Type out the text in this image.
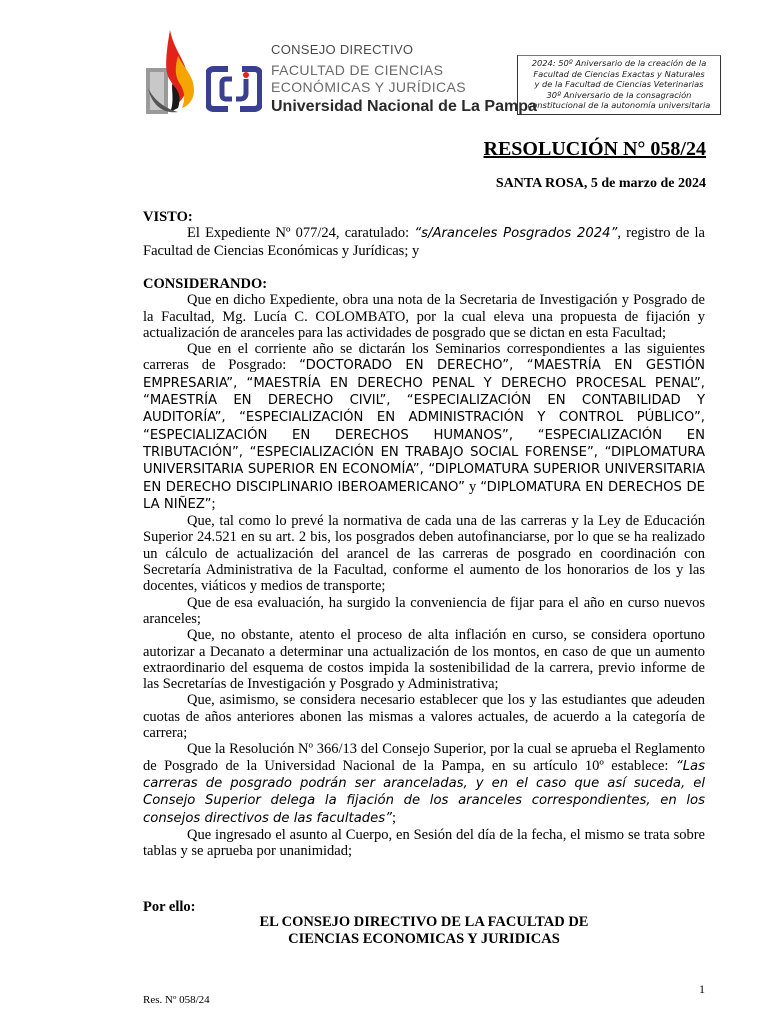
CONSEJO DIRECTIVO
FACULTAD DE CIENCIAS
ECONÓMICAS Y JURÍDICAS
Universidad Nacional de La Pampa
2024: 50º Aniversario de la creación de la
Facultad de Ciencias Exactas y Naturales
y de la Facultad de Ciencias Veterinarias
30º Aniversario de la consagración
constitucional de la autonomía universitaria
RESOLUCIÓN N° 058/24
SANTA ROSA, 5 de marzo de 2024
VISTO:
El Expediente Nº 077/24, caratulado: “s/Aranceles Posgrados 2024”, registro de la Facultad de Ciencias Económicas y Jurídicas; y
CONSIDERANDO:
Que en dicho Expediente, obra una nota de la Secretaria de Investigación y Posgrado de la Facultad, Mg. Lucía C. COLOMBATO, por la cual eleva una propuesta de fijación y actualización de aranceles para las actividades de posgrado que se dictan en esta Facultad;
Que en el corriente año se dictarán los Seminarios correspondientes a las siguientes carreras de Posgrado: “DOCTORADO EN DERECHO”, “MAESTRÍA EN GESTIÓN EMPRESARIA”, “MAESTRÍA EN DERECHO PENAL Y DERECHO PROCESAL PENAL”, “MAESTRÍA EN DERECHO CIVIL”, “ESPECIALIZACIÓN EN CONTABILIDAD Y AUDITORÍA”, “ESPECIALIZACIÓN EN ADMINISTRACIÓN Y CONTROL PÚBLICO”, “ESPECIALIZACIÓN EN DERECHOS HUMANOS”, “ESPECIALIZACIÓN EN TRIBUTACIÓN”, “ESPECIALIZACIÓN EN TRABAJO SOCIAL FORENSE”, “DIPLOMATURA UNIVERSITARIA SUPERIOR EN ECONOMÍA”, “DIPLOMATURA SUPERIOR UNIVERSITARIA EN DERECHO DISCIPLINARIO IBEROAMERICANO” y “DIPLOMATURA EN DERECHOS DE LA NIÑEZ”;
Que, tal como lo prevé la normativa de cada una de las carreras y la Ley de Educación Superior 24.521 en su art. 2 bis, los posgrados deben autofinanciarse, por lo que se ha realizado un cálculo de actualización del arancel de las carreras de posgrado en coordinación con Secretaría Administrativa de la Facultad, conforme el aumento de los honorarios de los y las docentes, viáticos y medios de transporte;
Que de esa evaluación, ha surgido la conveniencia de fijar para el año en curso nuevos aranceles;
Que, no obstante, atento el proceso de alta inflación en curso, se considera oportuno autorizar a Decanato a determinar una actualización de los montos, en caso de que un aumento extraordinario del esquema de costos impida la sostenibilidad de la carrera, previo informe de las Secretarías de Investigación y Posgrado y Administrativa;
Que, asimismo, se considera necesario establecer que los y las estudiantes que adeuden cuotas de años anteriores abonen las mismas a valores actuales, de acuerdo a la categoría de carrera;
Que la Resolución Nº 366/13 del Consejo Superior, por la cual se aprueba el Reglamento de Posgrado de la Universidad Nacional de la Pampa, en su artículo 10º establece: “Las carreras de posgrado podrán ser aranceladas, y en el caso que así suceda, el Consejo Superior delega la fijación de los aranceles correspondientes, en los consejos directivos de las facultades”;
Que ingresado el asunto al Cuerpo, en Sesión del día de la fecha, el mismo se trata sobre tablas y se aprueba por unanimidad;
Por ello:
EL CONSEJO DIRECTIVO DE LA FACULTAD DE
CIENCIAS ECONOMICAS Y JURIDICAS
1
Res. Nº 058/24
